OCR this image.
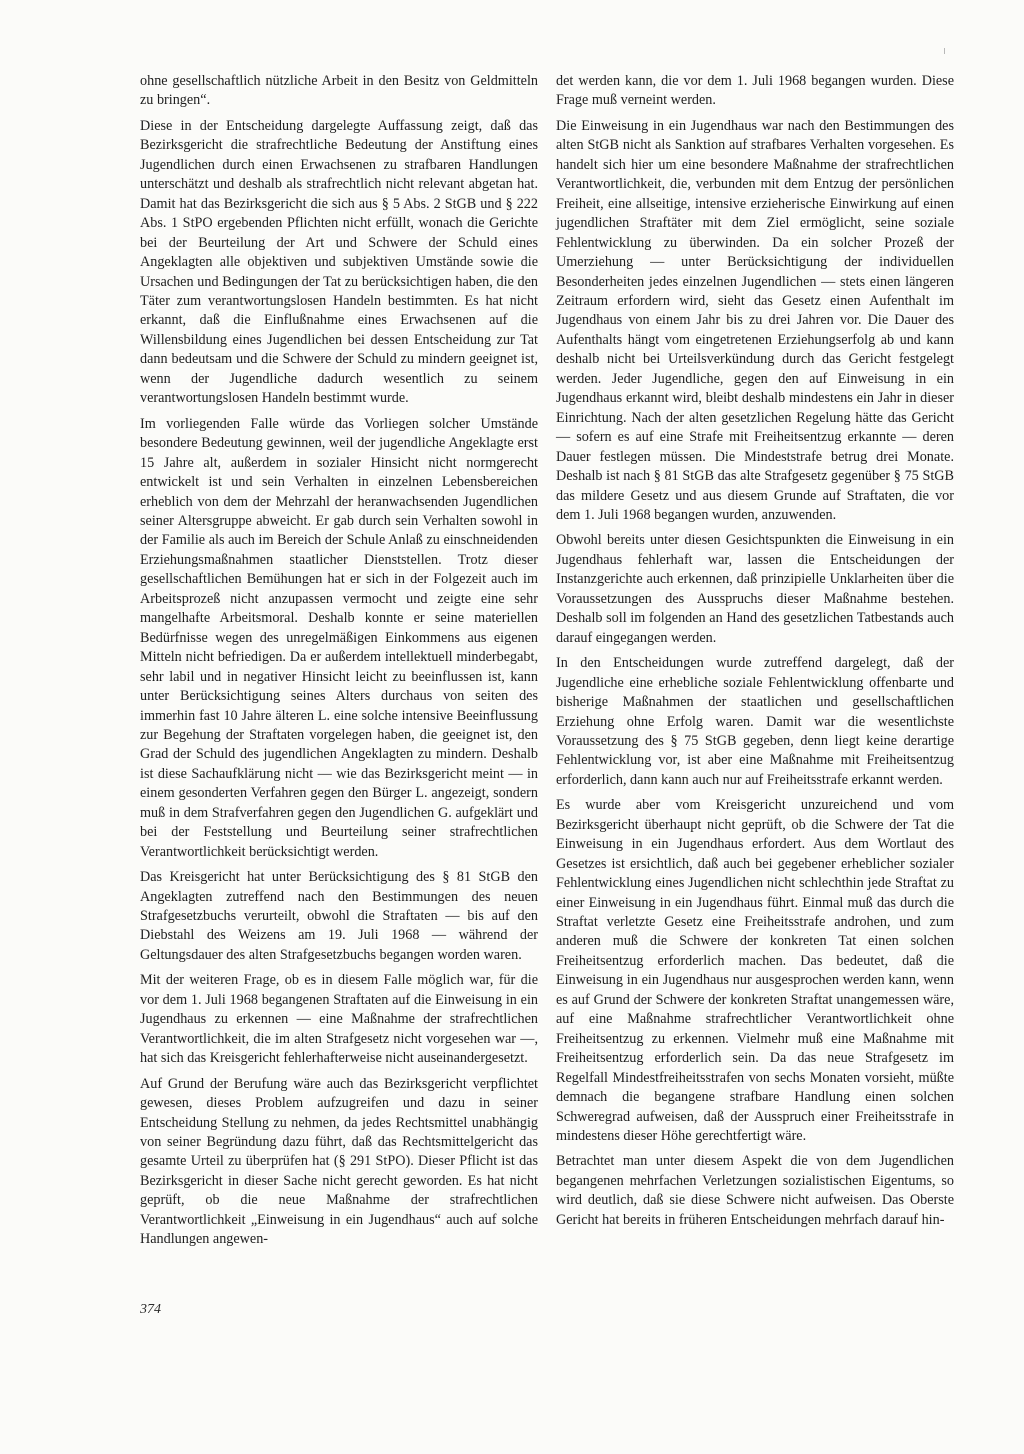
ohne gesellschaftlich nützliche Arbeit in den Besitz von Geldmitteln zu bringen“.

Diese in der Entscheidung dargelegte Auffassung zeigt, daß das Bezirksgericht die strafrechtliche Bedeutung der Anstiftung eines Jugendlichen durch einen Erwachsenen zu strafbaren Handlungen unterschätzt und deshalb als strafrechtlich nicht relevant abgetan hat. Damit hat das Bezirksgericht die sich aus § 5 Abs. 2 StGB und § 222 Abs. 1 StPO ergebenden Pflichten nicht erfüllt, wonach die Gerichte bei der Beurteilung der Art und Schwere der Schuld eines Angeklagten alle objektiven und subjektiven Umstände sowie die Ursachen und Bedingungen der Tat zu berücksichtigen haben, die den Täter zum verantwortungslosen Handeln bestimmten. Es hat nicht erkannt, daß die Einflußnahme eines Erwachsenen auf die Willensbildung eines Jugendlichen bei dessen Entscheidung zur Tat dann bedeutsam und die Schwere der Schuld zu mindern geeignet ist, wenn der Jugendliche dadurch wesentlich zu seinem verantwortungslosen Handeln bestimmt wurde.

Im vorliegenden Falle würde das Vorliegen solcher Umstände besondere Bedeutung gewinnen, weil der jugendliche Angeklagte erst 15 Jahre alt, außerdem in sozialer Hinsicht nicht normgerecht entwickelt ist und sein Verhalten in einzelnen Lebensbereichen erheblich von dem der Mehrzahl der heranwachsenden Jugendlichen seiner Altersgruppe abweicht. Er gab durch sein Verhalten sowohl in der Familie als auch im Bereich der Schule Anlaß zu einschneidenden Erziehungsmaßnahmen staatlicher Dienststellen. Trotz dieser gesellschaftlichen Bemühungen hat er sich in der Folgezeit auch im Arbeitsprozeß nicht anzupassen vermocht und zeigte eine sehr mangelhafte Arbeitsmoral. Deshalb konnte er seine materiellen Bedürfnisse wegen des unregelmäßigen Einkommens aus eigenen Mitteln nicht befriedigen. Da er außerdem intellektuell minderbegabt, sehr labil und in negativer Hinsicht leicht zu beeinflussen ist, kann unter Berücksichtigung seines Alters durchaus von seiten des immerhin fast 10 Jahre älteren L. eine solche intensive Beeinflussung zur Begehung der Straftaten vorgelegen haben, die geeignet ist, den Grad der Schuld des jugendlichen Angeklagten zu mindern. Deshalb ist diese Sachaufklärung nicht — wie das Bezirksgericht meint — in einem gesonderten Verfahren gegen den Bürger L. angezeigt, sondern muß in dem Strafverfahren gegen den Jugendlichen G. aufgeklärt und bei der Feststellung und Beurteilung seiner strafrechtlichen Verantwortlichkeit berücksichtigt werden.

Das Kreisgericht hat unter Berücksichtigung des § 81 StGB den Angeklagten zutreffend nach den Bestimmungen des neuen Strafgesetzbuchs verurteilt, obwohl die Straftaten — bis auf den Diebstahl des Weizens am 19. Juli 1968 — während der Geltungsdauer des alten Strafgesetzbuchs begangen worden waren.

Mit der weiteren Frage, ob es in diesem Falle möglich war, für die vor dem 1. Juli 1968 begangenen Straftaten auf die Einweisung in ein Jugendhaus zu erkennen — eine Maßnahme der strafrechtlichen Verantwortlichkeit, die im alten Strafgesetz nicht vorgesehen war —, hat sich das Kreisgericht fehlerhafterweise nicht auseinandergesetzt.

Auf Grund der Berufung wäre auch das Bezirksgericht verpflichtet gewesen, dieses Problem aufzugreifen und dazu in seiner Entscheidung Stellung zu nehmen, da jedes Rechtsmittel unabhängig von seiner Begründung dazu führt, daß das Rechtsmittelgericht das gesamte Urteil zu überprüfen hat (§ 291 StPO). Dieser Pflicht ist das Bezirksgericht in dieser Sache nicht gerecht geworden. Es hat nicht geprüft, ob die neue Maßnahme der strafrechtlichen Verantwortlichkeit „Einweisung in ein Jugendhaus“ auch auf solche Handlungen angewen-

det werden kann, die vor dem 1. Juli 1968 begangen wurden. Diese Frage muß verneint werden.

Die Einweisung in ein Jugendhaus war nach den Bestimmungen des alten StGB nicht als Sanktion auf strafbares Verhalten vorgesehen. Es handelt sich hier um eine besondere Maßnahme der strafrechtlichen Verantwortlichkeit, die, verbunden mit dem Entzug der persönlichen Freiheit, eine allseitige, intensive erzieherische Einwirkung auf einen jugendlichen Straftäter mit dem Ziel ermöglicht, seine soziale Fehlentwicklung zu überwinden. Da ein solcher Prozeß der Umerziehung — unter Berücksichtigung der individuellen Besonderheiten jedes einzelnen Jugendlichen — stets einen längeren Zeitraum erfordern wird, sieht das Gesetz einen Aufenthalt im Jugendhaus von einem Jahr bis zu drei Jahren vor. Die Dauer des Aufenthalts hängt vom eingetretenen Erziehungserfolg ab und kann deshalb nicht bei Urteilsverkündung durch das Gericht festgelegt werden. Jeder Jugendliche, gegen den auf Einweisung in ein Jugendhaus erkannt wird, bleibt deshalb mindestens ein Jahr in dieser Einrichtung. Nach der alten gesetzlichen Regelung hätte das Gericht — sofern es auf eine Strafe mit Freiheitsentzug erkannte — deren Dauer festlegen müssen. Die Mindeststrafe betrug drei Monate. Deshalb ist nach § 81 StGB das alte Strafgesetz gegenüber § 75 StGB das mildere Gesetz und aus diesem Grunde auf Straftaten, die vor dem 1. Juli 1968 begangen wurden, anzuwenden.

Obwohl bereits unter diesen Gesichtspunkten die Einweisung in ein Jugendhaus fehlerhaft war, lassen die Entscheidungen der Instanzgerichte auch erkennen, daß prinzipielle Unklarheiten über die Voraussetzungen des Ausspruchs dieser Maßnahme bestehen. Deshalb soll im folgenden an Hand des gesetzlichen Tatbestands auch darauf eingegangen werden.

In den Entscheidungen wurde zutreffend dargelegt, daß der Jugendliche eine erhebliche soziale Fehlentwicklung offenbarte und bisherige Maßnahmen der staatlichen und gesellschaftlichen Erziehung ohne Erfolg waren. Damit war die wesentlichste Voraussetzung des § 75 StGB gegeben, denn liegt keine derartige Fehlentwicklung vor, ist aber eine Maßnahme mit Freiheitsentzug erforderlich, dann kann auch nur auf Freiheitsstrafe erkannt werden.

Es wurde aber vom Kreisgericht unzureichend und vom Bezirksgericht überhaupt nicht geprüft, ob die Schwere der Tat die Einweisung in ein Jugendhaus erfordert. Aus dem Wortlaut des Gesetzes ist ersichtlich, daß auch bei gegebener erheblicher sozialer Fehlentwicklung eines Jugendlichen nicht schlechthin jede Straftat zu einer Einweisung in ein Jugendhaus führt. Einmal muß das durch die Straftat verletzte Gesetz eine Freiheitsstrafe androhen, und zum anderen muß die Schwere der konkreten Tat einen solchen Freiheitsentzug erforderlich machen. Das bedeutet, daß die Einweisung in ein Jugendhaus nur ausgesprochen werden kann, wenn es auf Grund der Schwere der konkreten Straftat unangemessen wäre, auf eine Maßnahme strafrechtlicher Verantwortlichkeit ohne Freiheitsentzug zu erkennen. Vielmehr muß eine Maßnahme mit Freiheitsentzug erforderlich sein. Da das neue Strafgesetz im Regelfall Mindestfreiheitsstrafen von sechs Monaten vorsieht, müßte demnach die begangene strafbare Handlung einen solchen Schweregrad aufweisen, daß der Ausspruch einer Freiheitsstrafe in mindestens dieser Höhe gerechtfertigt wäre.

Betrachtet man unter diesem Aspekt die von dem Jugendlichen begangenen mehrfachen Verletzungen sozialistischen Eigentums, so wird deutlich, daß sie diese Schwere nicht aufweisen. Das Oberste Gericht hat bereits in früheren Entscheidungen mehrfach darauf hin-

374
